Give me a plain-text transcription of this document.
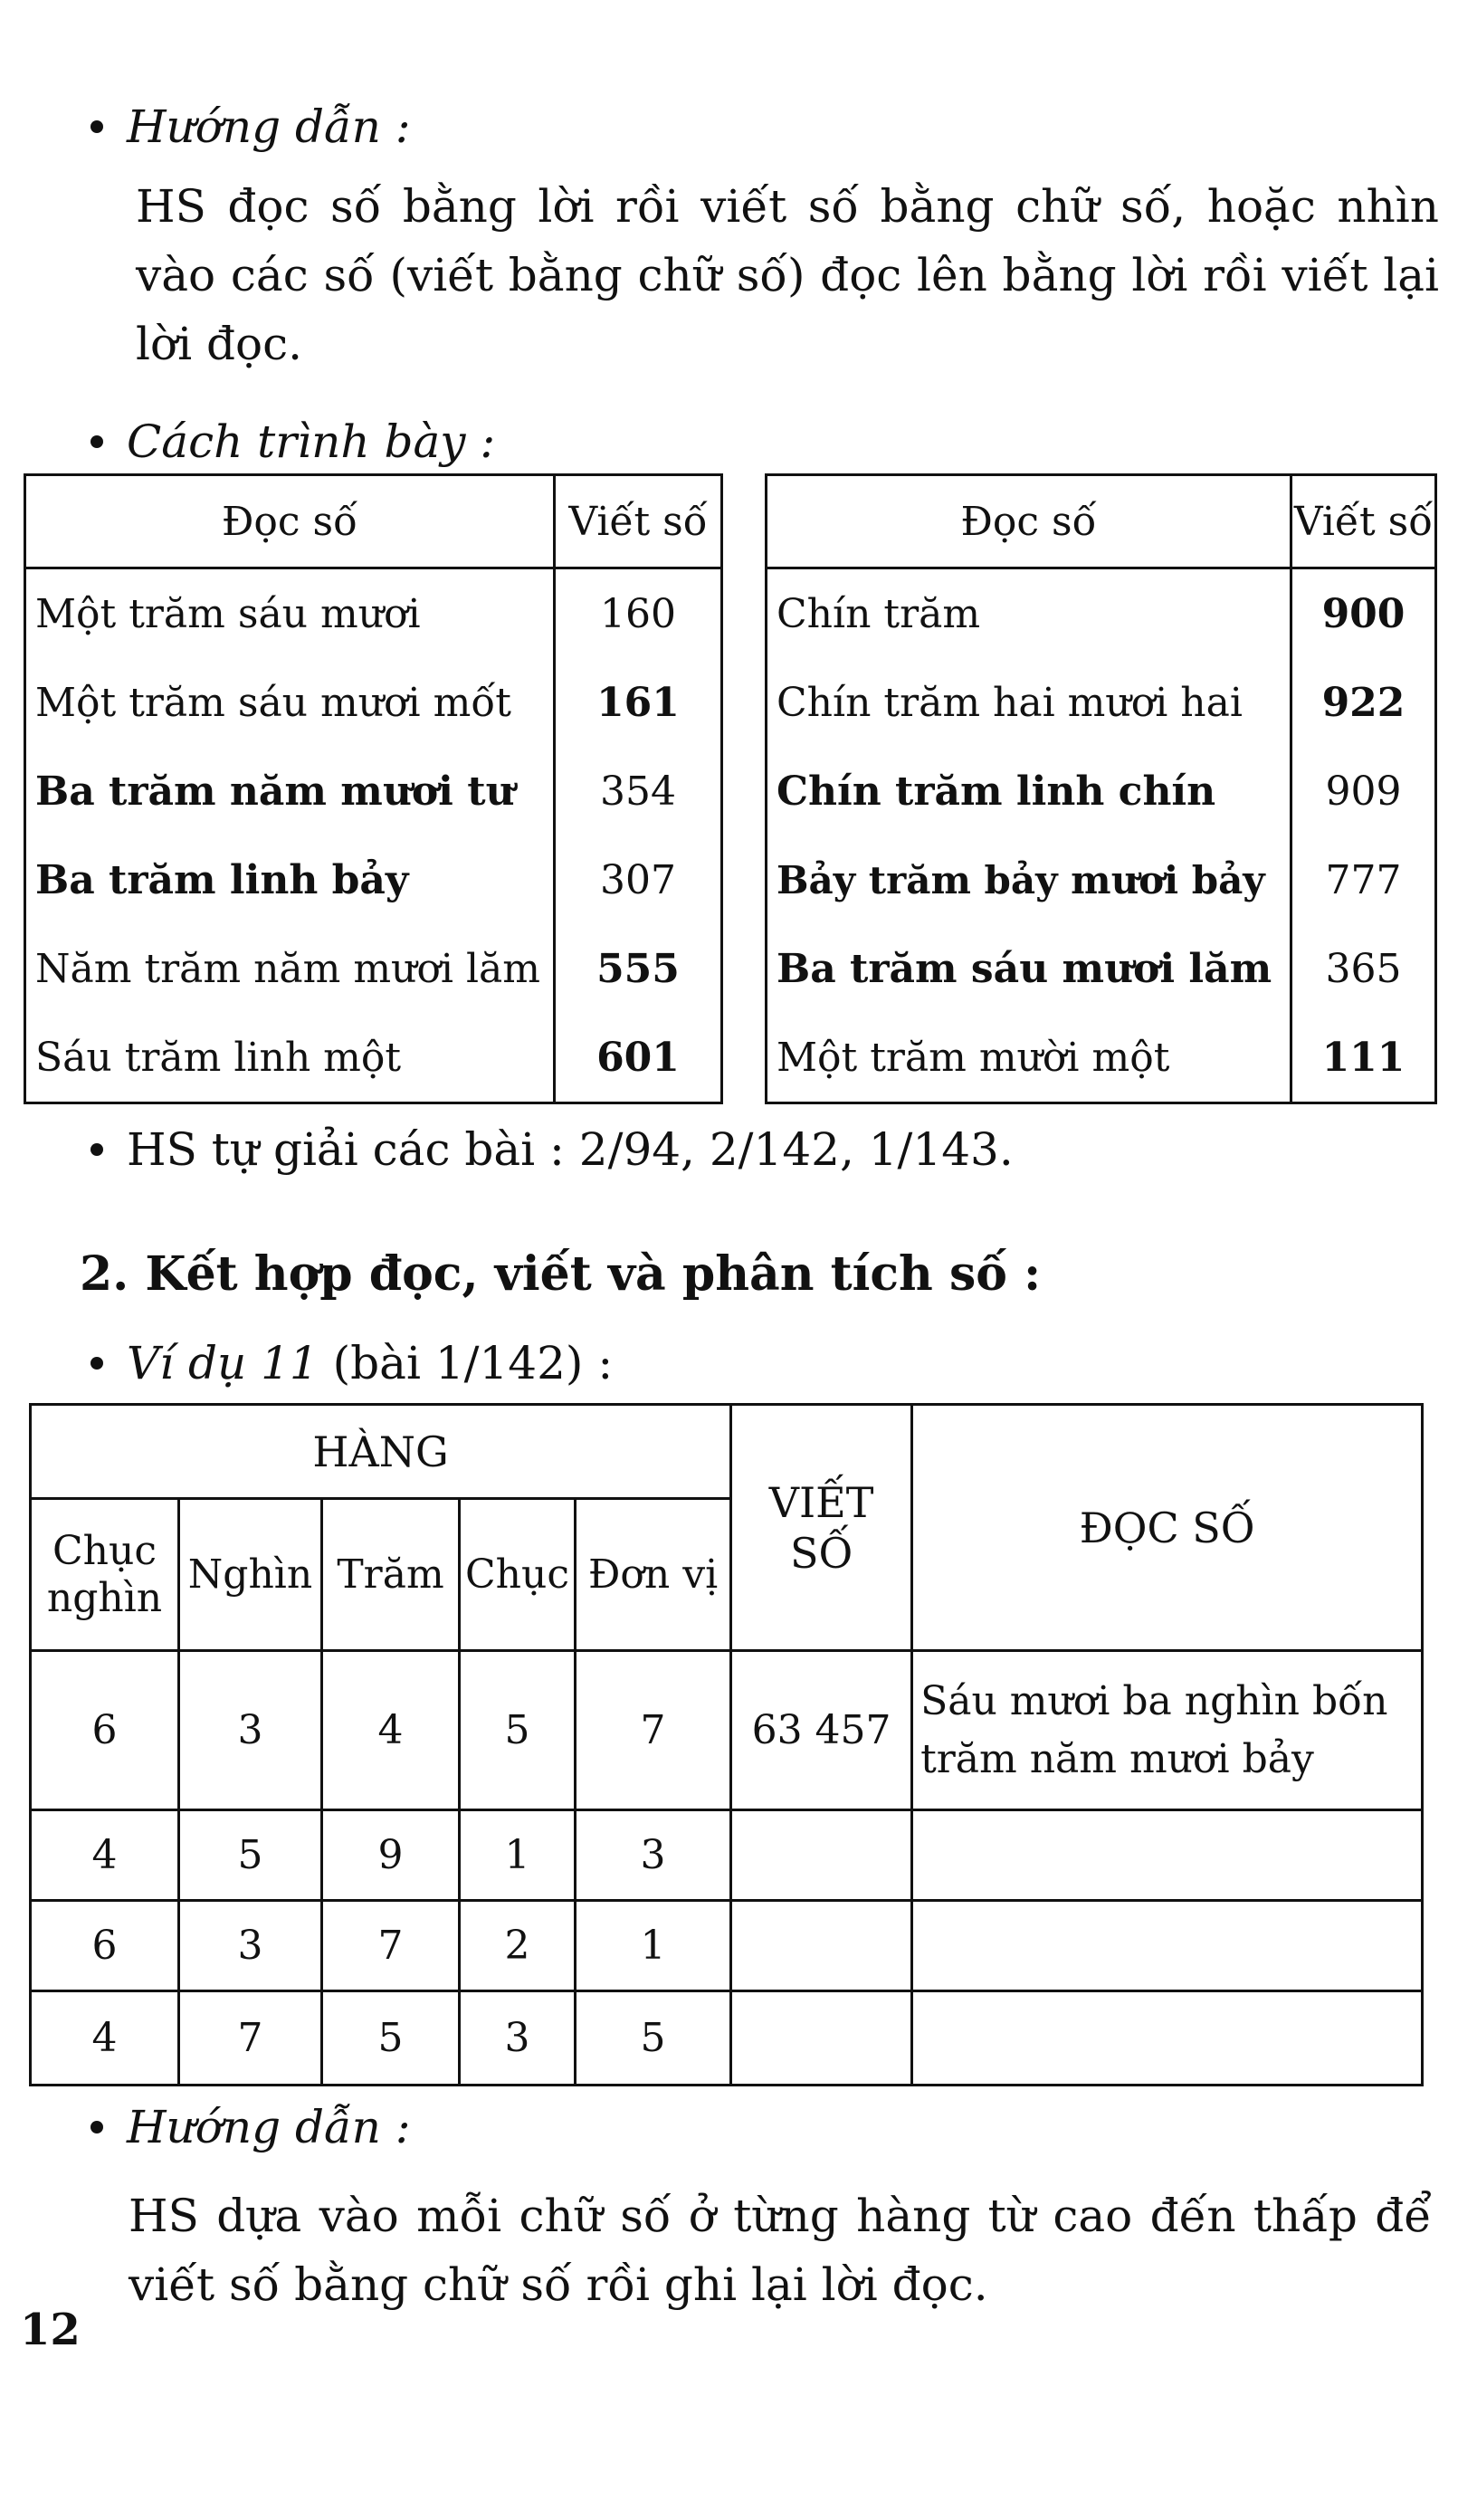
Hướng dẫn :
HS đọc số bằng lời rồi viết số bằng chữ số, hoặc nhìn vào các số (viết bằng chữ số) đọc lên bằng lời rồi viết lại lời đọc.
Cách trình bày :
Đọc số	Viết số
Một trăm sáu mươi	160
Một trăm sáu mươi mốt	161
Ba trăm năm mươi tư	354
Ba trăm linh bảy	307
Năm trăm năm mươi lăm	555
Sáu trăm linh một	601
Đọc số	Viết số
Chín trăm	900
Chín trăm hai mươi hai	922
Chín trăm linh chín	909
Bảy trăm bảy mươi bảy	777
Ba trăm sáu mươi lăm	365
Một trăm mười một	111
HS tự giải các bài : 2/94, 2/142, 1/143.
2. Kết hợp đọc, viết và phân tích số :
Ví dụ 11 (bài 1/142) :
HÀNG					VIẾT SỐ	ĐỌC SỐ
Chục nghìn	Nghìn	Trăm	Chục	Đơn vị		
6	3	4	5	7	63 457	Sáu mươi ba nghìn bốn trăm năm mươi bảy
4	5	9	1	3		
6	3	7	2	1		
4	7	5	3	5		
Hướng dẫn :
HS dựa vào mỗi chữ số ở từng hàng từ cao đến thấp để viết số bằng chữ số rồi ghi lại lời đọc.
12
